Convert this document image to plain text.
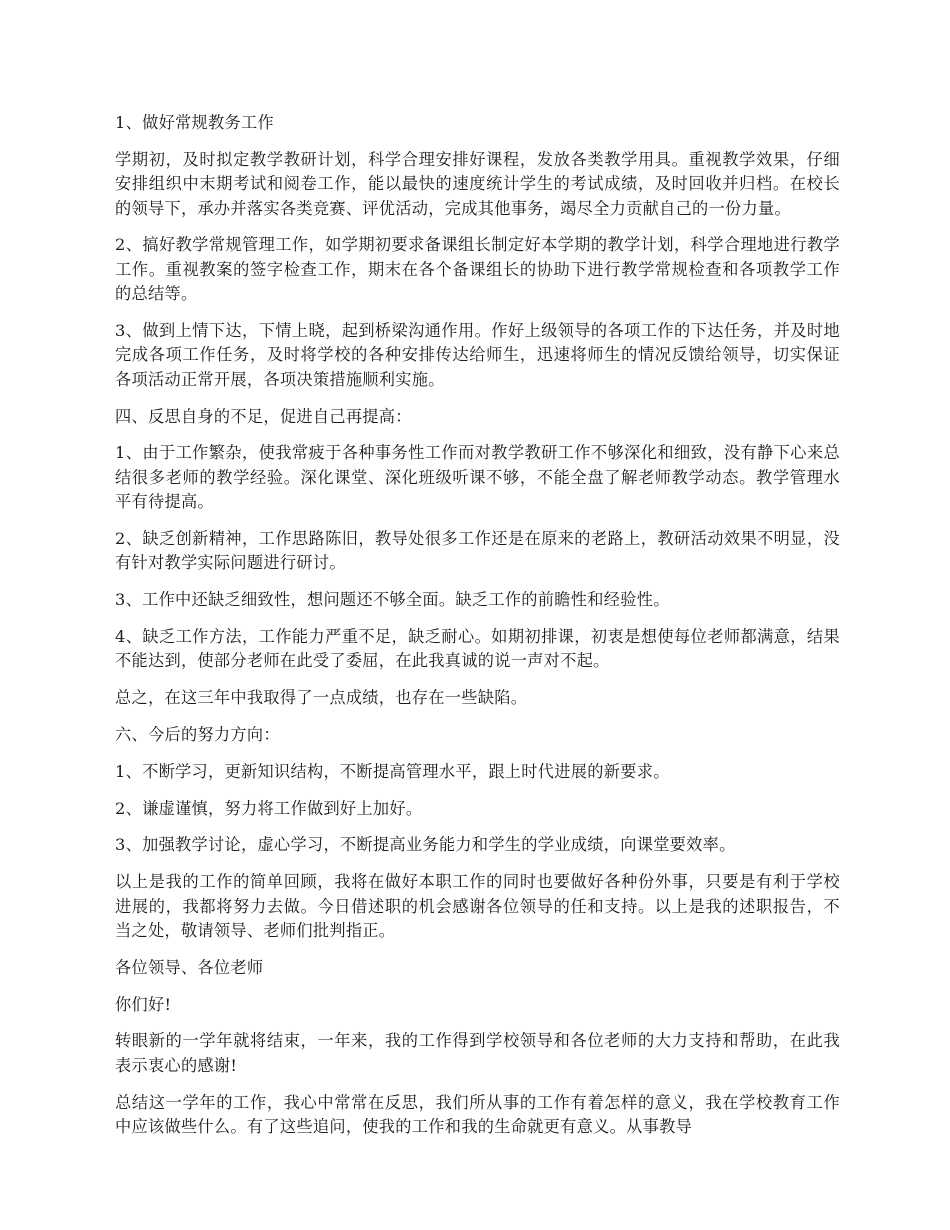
1、做好常规教务工作

学期初，及时拟定教学教研计划，科学合理安排好课程，发放各类教学用具。重视教学效果，仔细安排组织中末期考试和阅卷工作，能以最快的速度统计学生的考试成绩，及时回收并归档。在校长的领导下，承办并落实各类竞赛、评优活动，完成其他事务，竭尽全力贡献自己的一份力量。

2、搞好教学常规管理工作，如学期初要求备课组长制定好本学期的教学计划，科学合理地进行教学工作。重视教案的签字检查工作，期末在各个备课组长的协助下进行教学常规检查和各项教学工作的总结等。

3、做到上情下达，下情上晓，起到桥梁沟通作用。作好上级领导的各项工作的下达任务，并及时地完成各项工作任务，及时将学校的各种安排传达给师生，迅速将师生的情况反馈给领导，切实保证各项活动正常开展，各项决策措施顺利实施。

四、反思自身的不足，促进自己再提高：

1、由于工作繁杂，使我常疲于各种事务性工作而对教学教研工作不够深化和细致，没有静下心来总结很多老师的教学经验。深化课堂、深化班级听课不够，不能全盘了解老师教学动态。教学管理水平有待提高。

2、缺乏创新精神，工作思路陈旧，教导处很多工作还是在原来的老路上，教研活动效果不明显，没有针对教学实际问题进行研讨。

3、工作中还缺乏细致性，想问题还不够全面。缺乏工作的前瞻性和经验性。

4、缺乏工作方法，工作能力严重不足，缺乏耐心。如期初排课，初衷是想使每位老师都满意，结果不能达到，使部分老师在此受了委屈，在此我真诚的说一声对不起。

总之，在这三年中我取得了一点成绩，也存在一些缺陷。

六、今后的努力方向：

1、不断学习，更新知识结构，不断提高管理水平，跟上时代进展的新要求。

2、谦虚谨慎，努力将工作做到好上加好。

3、加强教学讨论，虚心学习，不断提高业务能力和学生的学业成绩，向课堂要效率。

以上是我的工作的简单回顾，我将在做好本职工作的同时也要做好各种份外事，只要是有利于学校进展的，我都将努力去做。今日借述职的机会感谢各位领导的任和支持。以上是我的述职报告，不当之处，敬请领导、老师们批判指正。

各位领导、各位老师

你们好!

转眼新的一学年就将结束，一年来，我的工作得到学校领导和各位老师的大力支持和帮助，在此我表示衷心的感谢!

总结这一学年的工作，我心中常常在反思，我们所从事的工作有着怎样的意义，我在学校教育工作中应该做些什么。有了这些追问，使我的工作和我的生命就更有意义。从事教导
